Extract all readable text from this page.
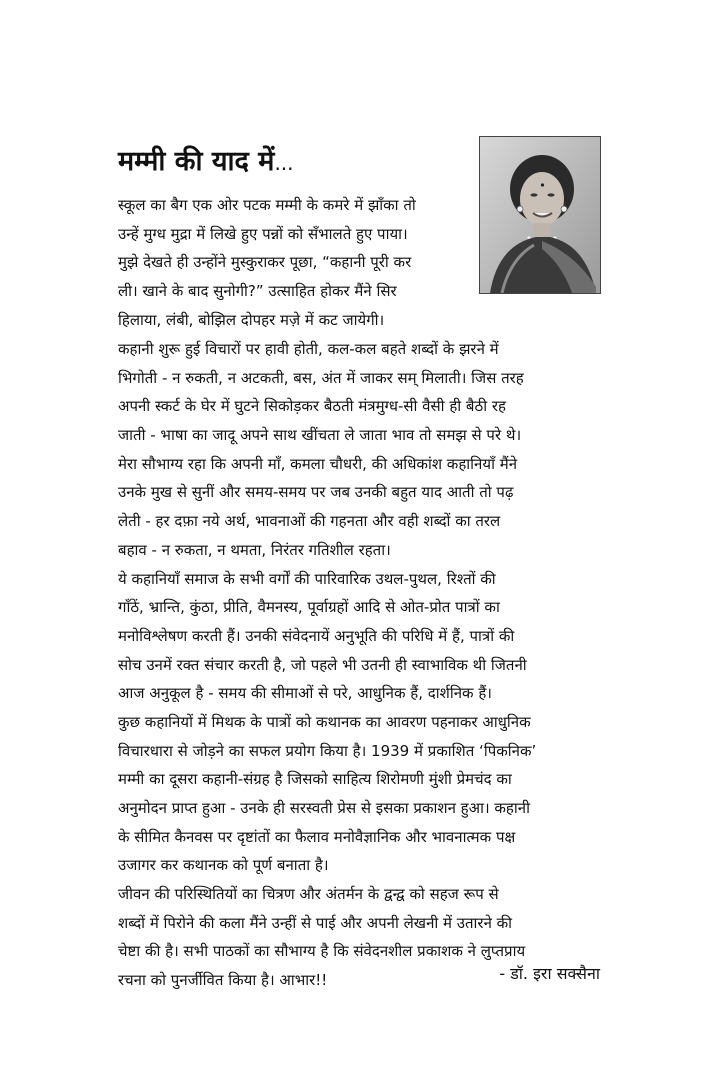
मम्मी की याद में...
स्कूल का बैग एक ओर पटक मम्मी के कमरे में झाँका तो
उन्हें मुग्ध मुद्रा में लिखे हुए पन्नों को सँभालते हुए पाया।
मुझे देखते ही उन्होंने मुस्कुराकर पूछा, “कहानी पूरी कर
ली। खाने के बाद सुनोगी?” उत्साहित होकर मैंने सिर
हिलाया, लंबी, बोझिल दोपहर मज़े में कट जायेगी।
कहानी शुरू हुई विचारों पर हावी होती, कल-कल बहते शब्दों के झरने में
भिगोती - न रुकती, न अटकती, बस, अंत में जाकर सम् मिलाती। जिस तरह
अपनी स्कर्ट के घेर में घुटने सिकोड़कर बैठती मंत्रमुग्ध-सी वैसी ही बैठी रह
जाती - भाषा का जादू अपने साथ खींचता ले जाता भाव तो समझ से परे थे।
मेरा सौभाग्य रहा कि अपनी माँ, कमला चौधरी, की अधिकांश कहानियाँ मैंने
उनके मुख से सुनीं और समय-समय पर जब उनकी बहुत याद आती तो पढ़
लेती - हर दफ़ा नये अर्थ, भावनाओं की गहनता और वही शब्दों का तरल
बहाव - न रुकता, न थमता, निरंतर गतिशील रहता।
ये कहानियाँ समाज के सभी वर्गों की पारिवारिक उथल-पुथल, रिश्तों की
गाँठें, भ्रान्ति, कुंठा, प्रीति, वैमनस्य, पूर्वाग्रहों आदि से ओत-प्रोत पात्रों का
मनोविश्लेषण करती हैं। उनकी संवेदनायें अनुभूति की परिधि में हैं, पात्रों की
सोच उनमें रक्त संचार करती है, जो पहले भी उतनी ही स्वाभाविक थी जितनी
आज अनुकूल है - समय की सीमाओं से परे, आधुनिक हैं, दार्शनिक हैं।
कुछ कहानियों में मिथक के पात्रों को कथानक का आवरण पहनाकर आधुनिक
विचारधारा से जोड़ने का सफल प्रयोग किया है। 1939 में प्रकाशित ‘पिकनिक’
मम्मी का दूसरा कहानी-संग्रह है जिसको साहित्य शिरोमणी मुंशी प्रेमचंद का
अनुमोदन प्राप्त हुआ - उनके ही सरस्वती प्रेस से इसका प्रकाशन हुआ। कहानी
के सीमित कैनवस पर दृष्टांतों का फैलाव मनोवैज्ञानिक और भावनात्मक पक्ष
उजागर कर कथानक को पूर्ण बनाता है।
जीवन की परिस्थितियों का चित्रण और अंतर्मन के द्वन्द्व को सहज रूप से
शब्दों में पिरोने की कला मैंने उन्हीं से पाई और अपनी लेखनी में उतारने की
चेष्टा की है। सभी पाठकों का सौभाग्य है कि संवेदनशील प्रकाशक ने लुप्तप्राय
रचना को पुनर्जीवित किया है। आभार!!	- डॉ. इरा सक्सैना
